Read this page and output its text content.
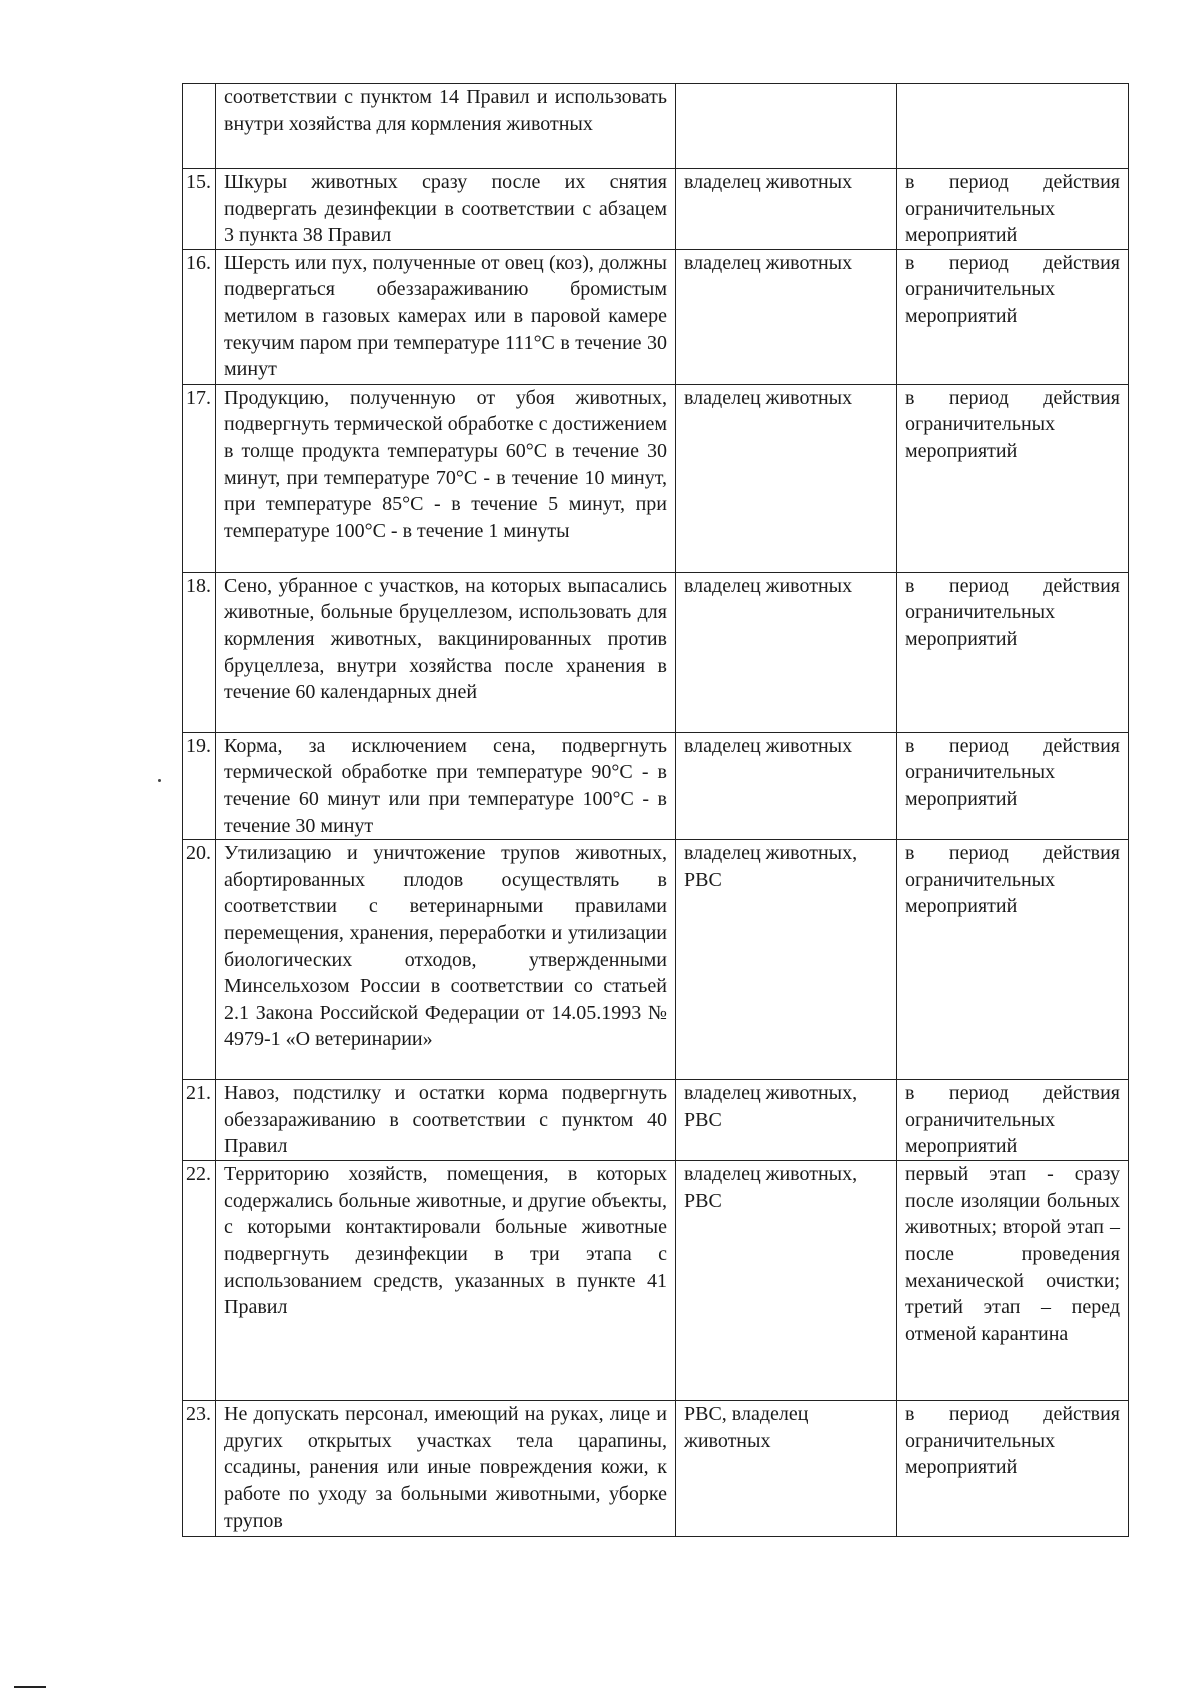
	соответствии с пунктом 14 Правил и использовать внутри хозяйства для кормления животных		
15.	Шкуры животных сразу после их снятия подвергать дезинфекции в соответствии с абзацем 3 пункта 38 Правил	владелец животных	в период действия ограничительных мероприятий
16.	Шерсть или пух, полученные от овец (коз), должны подвергаться обеззараживанию бромистым метилом в газовых камерах или в паровой камере текучим паром при температуре 111°C в течение 30 минут	владелец животных	в период действия ограничительных мероприятий
17.	Продукцию, полученную от убоя животных, подвергнуть термической обработке с достижением в толще продукта температуры 60°C в течение 30 минут, при температуре 70°C - в течение 10 минут, при температуре 85°C - в течение 5 минут, при температуре 100°C - в течение 1 минуты	владелец животных	в период действия ограничительных мероприятий
18.	Сено, убранное с участков, на которых выпасались животные, больные бруцеллезом, использовать для кормления животных, вакцинированных против бруцеллеза, внутри хозяйства после хранения в течение 60 календарных дней	владелец животных	в период действия ограничительных мероприятий
19.	Корма, за исключением сена, подвергнуть термической обработке при температуре 90°C - в течение 60 минут или при температуре 100°C - в течение 30 минут	владелец животных	в период действия ограничительных мероприятий
20.	Утилизацию и уничтожение трупов животных, абортированных плодов осуществлять в соответствии с ветеринарными правилами перемещения, хранения, переработки и утилизации биологических отходов, утвержденными Минсельхозом России в соответствии со статьей 2.1 Закона Российской Федерации от 14.05.1993 № 4979-1 «О ветеринарии»	владелец животных, РВС	в период действия ограничительных мероприятий
21.	Навоз, подстилку и остатки корма подвергнуть обеззараживанию в соответствии с пунктом 40 Правил	владелец животных, РВС	в период действия ограничительных мероприятий
22.	Территорию хозяйств, помещения, в которых содержались больные животные, и другие объекты, с которыми контактировали больные животные подвергнуть дезинфекции в три этапа с использованием средств, указанных в пункте 41 Правил	владелец животных, РВС	первый этап - сразу после изоляции больных животных; второй этап – после проведения механической очистки; третий этап – перед отменой карантина
23.	Не допускать персонал, имеющий на руках, лице и других открытых участках тела царапины, ссадины, ранения или иные повреждения кожи, к работе по уходу за больными животными, уборке трупов	РВС, владелец животных	в период действия ограничительных мероприятий
